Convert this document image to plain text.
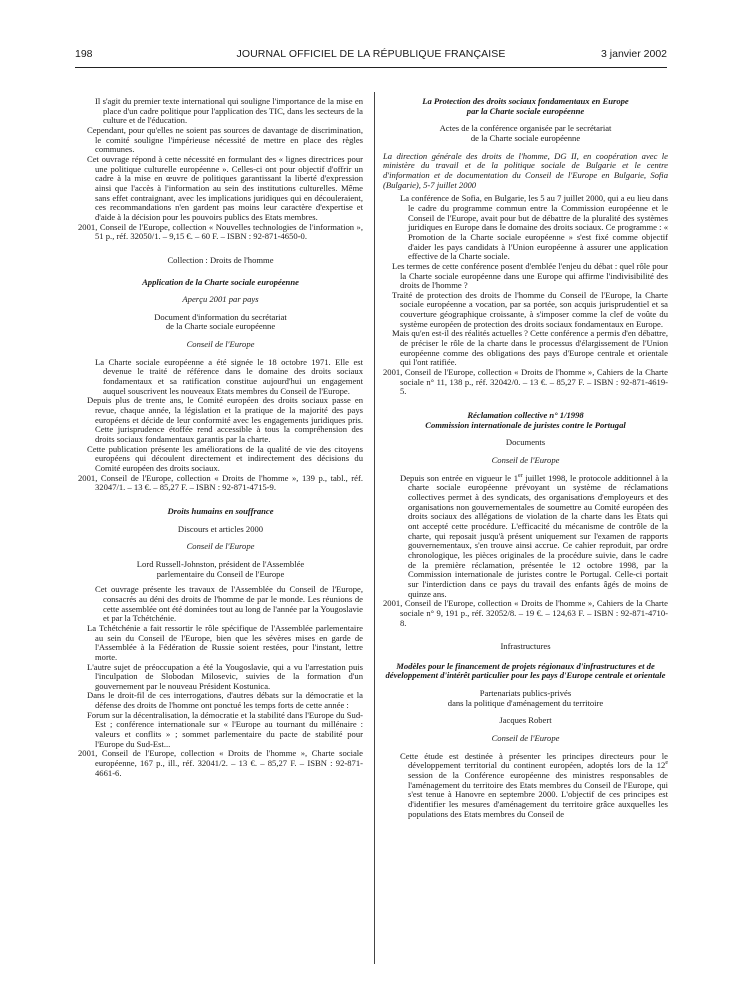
198	JOURNAL OFFICIEL DE LA RÉPUBLIQUE FRANÇAISE	3 janvier 2002
Il s'agit du premier texte international qui souligne l'importance de la mise en place d'un cadre politique pour l'application des TIC, dans les secteurs de la culture et de l'éducation.
Cependant, pour qu'elles ne soient pas sources de davantage de discrimination, le comité souligne l'impérieuse nécessité de mettre en place des règles communes.
Cet ouvrage répond à cette nécessité en formulant des « lignes directrices pour une politique culturelle européenne ». Celles-ci ont pour objectif d'offrir un cadre à la mise en œuvre de politiques garantissant la liberté d'expression ainsi que l'accès à l'information au sein des institutions culturelles. Même sans effet contraignant, avec les implications juridiques qui en découleraient, ces recommandations n'en gardent pas moins leur caractère d'expertise et d'aide à la décision pour les pouvoirs publics des Etats membres.
2001, Conseil de l'Europe, collection « Nouvelles technologies de l'information », 51 p., réf. 32050/1. – 9,15 €. – 60 F. – ISBN : 92-871-4650-0.
Collection : Droits de l'homme
Application de la Charte sociale européenne
Aperçu 2001 par pays
Document d'information du secrétariat
de la Charte sociale européenne
Conseil de l'Europe
La Charte sociale européenne a été signée le 18 octobre 1971. Elle est devenue le traité de référence dans le domaine des droits sociaux fondamentaux et sa ratification constitue aujourd'hui un engagement auquel souscrivent les nouveaux Etats membres du Conseil de l'Europe.
Depuis plus de trente ans, le Comité européen des droits sociaux passe en revue, chaque année, la législation et la pratique de la majorité des pays européens et décide de leur conformité avec les engagements juridiques pris. Cette jurisprudence étoffée rend accessible à tous la compréhension des droits sociaux fondamentaux garantis par la charte.
Cette publication présente les améliorations de la qualité de vie des citoyens européens qui découlent directement et indirectement des décisions du Comité européen des droits sociaux.
2001, Conseil de l'Europe, collection « Droits de l'homme », 139 p., tabl., réf. 32047/1. – 13 €. – 85,27 F. – ISBN : 92-871-4715-9.
Droits humains en souffrance
Discours et articles 2000
Conseil de l'Europe
Lord Russell-Johnston, président de l'Assemblée
parlementaire du Conseil de l'Europe
Cet ouvrage présente les travaux de l'Assemblée du Conseil de l'Europe, consacrés au déni des droits de l'homme de par le monde. Les réunions de cette assemblée ont été dominées tout au long de l'année par la Yougoslavie et par la Tchétchénie.
La Tchétchénie a fait ressortir le rôle spécifique de l'Assemblée parlementaire au sein du Conseil de l'Europe, bien que les sévères mises en garde de l'Assemblée à la Fédération de Russie soient restées, pour l'instant, lettre morte.
L'autre sujet de préoccupation a été la Yougoslavie, qui a vu l'arrestation puis l'inculpation de Slobodan Milosevic, suivies de la formation d'un gouvernement par le nouveau Président Kostunica.
Dans le droit-fil de ces interrogations, d'autres débats sur la démocratie et la défense des droits de l'homme ont ponctué les temps forts de cette année :
Forum sur la décentralisation, la démocratie et la stabilité dans l'Europe du Sud-Est ; conférence internationale sur « l'Europe au tournant du millénaire : valeurs et conflits » ; sommet parlementaire du pacte de stabilité pour l'Europe du Sud-Est...
2001, Conseil de l'Europe, collection « Droits de l'homme », Charte sociale européenne, 167 p., ill., réf. 32041/2. – 13 €. – 85,27 F. – ISBN : 92-871-4661-6.
La Protection des droits sociaux fondamentaux en Europe
par la Charte sociale européenne
Actes de la conférence organisée par le secrétariat
de la Charte sociale européenne
La direction générale des droits de l'homme, DG II, en coopération avec le ministère du travail et de la politique sociale de Bulgarie et le centre d'information et de documentation du Conseil de l'Europe en Bulgarie, Sofia (Bulgarie), 5-7 juillet 2000
La conférence de Sofia, en Bulgarie, les 5 au 7 juillet 2000, qui a eu lieu dans le cadre du programme commun entre la Commission européenne et le Conseil de l'Europe, avait pour but de débattre de la pluralité des systèmes juridiques en Europe dans le domaine des droits sociaux. Ce programme : « Promotion de la Charte sociale européenne » s'est fixé comme objectif d'aider les pays candidats à l'Union européenne à assurer une application effective de la Charte sociale.
Les termes de cette conférence posent d'emblée l'enjeu du débat : quel rôle pour la Charte sociale européenne dans une Europe qui affirme l'indivisibilité des droits de l'homme ?
Traité de protection des droits de l'homme du Conseil de l'Europe, la Charte sociale européenne a vocation, par sa portée, son acquis jurisprudentiel et sa couverture géographique croissante, à s'imposer comme la clef de voûte du système européen de protection des droits sociaux fondamentaux en Europe.
Mais qu'en est-il des réalités actuelles ? Cette conférence a permis d'en débattre, de préciser le rôle de la charte dans le processus d'élargissement de l'Union européenne comme des obligations des pays d'Europe centrale et orientale qui l'ont ratifiée.
2001, Conseil de l'Europe, collection « Droits de l'homme », Cahiers de la Charte sociale n° 11, 138 p., réf. 32042/0. – 13 €. – 85,27 F. – ISBN : 92-871-4619-5.
Réclamation collective n° 1/1998
Commission internationale de juristes contre le Portugal
Documents
Conseil de l'Europe
Depuis son entrée en vigueur le 1er juillet 1998, le protocole additionnel à la charte sociale européenne prévoyant un système de réclamations collectives permet à des syndicats, des organisations d'employeurs et des organisations non gouvernementales de soumettre au Comité européen des droits sociaux des allégations de violation de la charte dans les Etats qui ont accepté cette procédure. L'efficacité du mécanisme de contrôle de la charte, qui reposait jusqu'à présent uniquement sur l'examen de rapports gouvernementaux, s'en trouve ainsi accrue. Ce cahier reproduit, par ordre chronologique, les pièces originales de la procédure suivie, dans le cadre de la première réclamation, présentée le 12 octobre 1998, par la Commission internationale de juristes contre le Portugal. Celle-ci portait sur l'interdiction dans ce pays du travail des enfants âgés de moins de quinze ans.
2001, Conseil de l'Europe, collection « Droits de l'homme », Cahiers de la Charte sociale n° 9, 191 p., réf. 32052/8. – 19 €. – 124,63 F. – ISBN : 92-871-4710-8.
Infrastructures
Modèles pour le financement de projets régionaux d'infrastructures et de développement d'intérêt particulier pour les pays d'Europe centrale et orientale
Partenariats publics-privés
dans la politique d'aménagement du territoire
Jacques Robert
Conseil de l'Europe
Cette étude est destinée à présenter les principes directeurs pour le développement territorial du continent européen, adoptés lors de la 12e session de la Conférence européenne des ministres responsables de l'aménagement du territoire des Etats membres du Conseil de l'Europe, qui s'est tenue à Hanovre en septembre 2000. L'objectif de ces principes est d'identifier les mesures d'aménagement du territoire grâce auxquelles les populations des Etats membres du Conseil de
